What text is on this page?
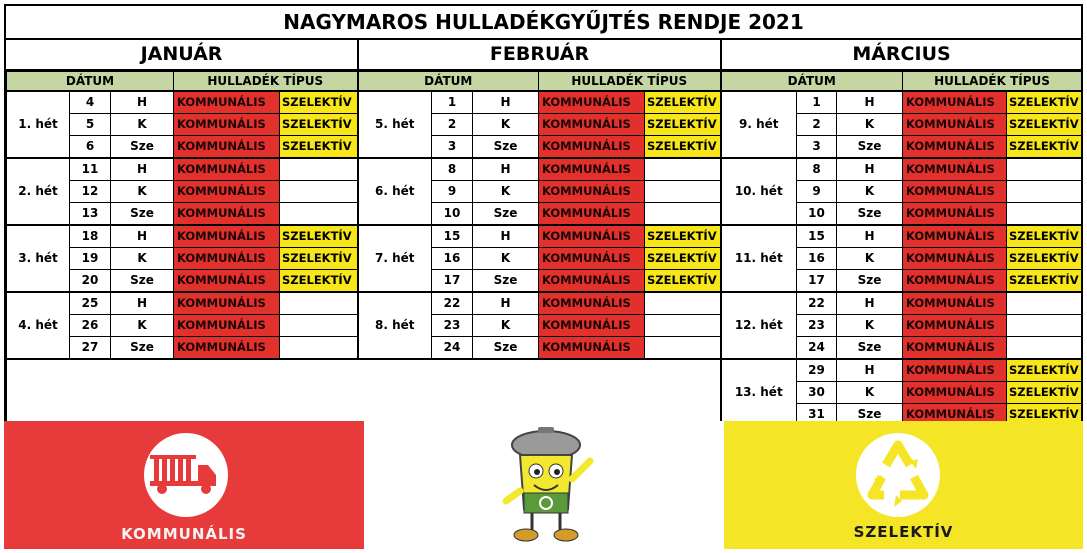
NAGYMAROS HULLADÉKGYŰJTÉS RENDJE 2021
JANUÁR	FEBRUÁR	MÁRCIUS
DÁTUM			HULLADÉK TÍPUS		DÁTUM			HULLADÉK TÍPUS		DÁTUM			HULLADÉK TÍPUS	
1. hét	4	H	KOMMUNÁLIS	SZELEKTÍV	5. hét	1	H	KOMMUNÁLIS	SZELEKTÍV	9. hét	1	H	KOMMUNÁLIS	SZELEKTÍV
	5	K	KOMMUNÁLIS	SZELEKTÍV		2	K	KOMMUNÁLIS	SZELEKTÍV		2	K	KOMMUNÁLIS	SZELEKTÍV
	6	Sze	KOMMUNÁLIS	SZELEKTÍV		3	Sze	KOMMUNÁLIS	SZELEKTÍV		3	Sze	KOMMUNÁLIS	SZELEKTÍV
2. hét	11	H	KOMMUNÁLIS		6. hét	8	H	KOMMUNÁLIS		10. hét	8	H	KOMMUNÁLIS	
	12	K	KOMMUNÁLIS			9	K	KOMMUNÁLIS			9	K	KOMMUNÁLIS	
	13	Sze	KOMMUNÁLIS			10	Sze	KOMMUNÁLIS			10	Sze	KOMMUNÁLIS	
3. hét	18	H	KOMMUNÁLIS	SZELEKTÍV	7. hét	15	H	KOMMUNÁLIS	SZELEKTÍV	11. hét	15	H	KOMMUNÁLIS	SZELEKTÍV
	19	K	KOMMUNÁLIS	SZELEKTÍV		16	K	KOMMUNÁLIS	SZELEKTÍV		16	K	KOMMUNÁLIS	SZELEKTÍV
	20	Sze	KOMMUNÁLIS	SZELEKTÍV		17	Sze	KOMMUNÁLIS	SZELEKTÍV		17	Sze	KOMMUNÁLIS	SZELEKTÍV
4. hét	25	H	KOMMUNÁLIS		8. hét	22	H	KOMMUNÁLIS		12. hét	22	H	KOMMUNÁLIS	
	26	K	KOMMUNÁLIS			23	K	KOMMUNÁLIS			23	K	KOMMUNÁLIS	
	27	Sze	KOMMUNÁLIS			24	Sze	KOMMUNÁLIS			24	Sze	KOMMUNÁLIS	
										13. hét	29	H	KOMMUNÁLIS	SZELEKTÍV
											30	K	KOMMUNÁLIS	SZELEKTÍV
											31	Sze	KOMMUNÁLIS	SZELEKTÍV
KOMMUNÁLIS	SZELEKTÍV
